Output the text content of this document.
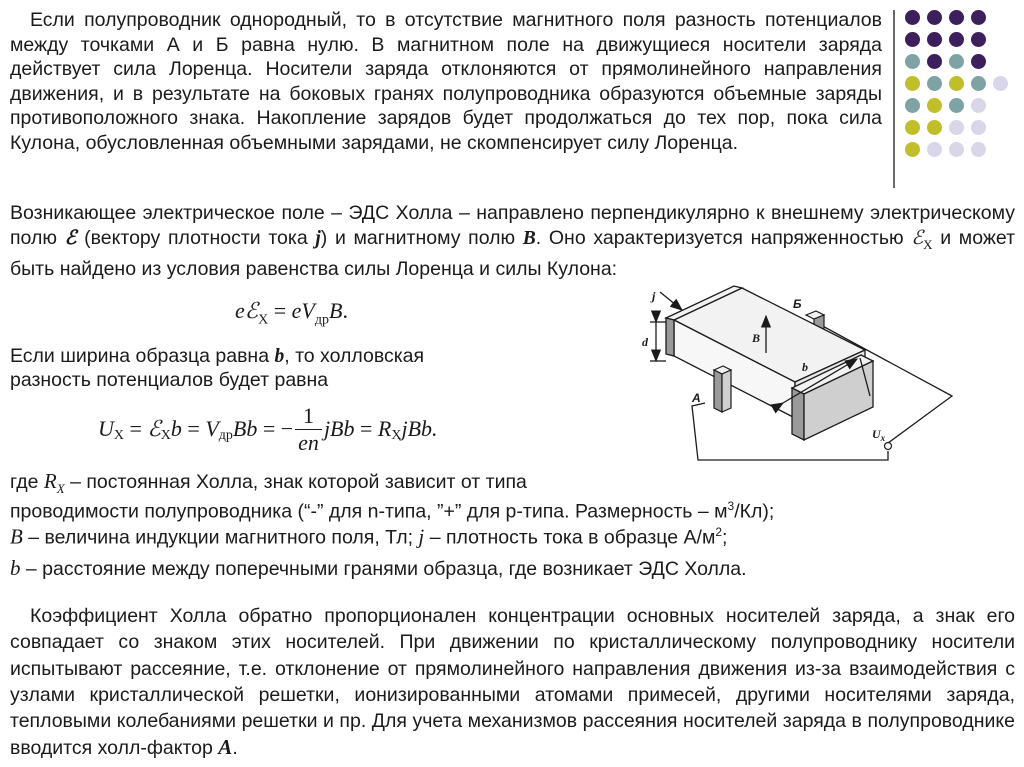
Если полупроводник однородный, то в отсутствие магнитного поля разность потенциалов между точками А и Б равна нулю. В магнитном поле на движущиеся носители заряда действует сила Лоренца. Носители заряда отклоняются от прямолинейного направления движения, и в результате на боковых гранях полупроводника образуются объемные заряды противоположного знака. Накопление зарядов будет продолжаться до тех пор, пока сила Кулона, обусловленная объемными зарядами, не скомпенсирует силу Лоренца.
Возникающее электрическое поле – ЭДС Холла – направлено перпендикулярно к внешнему электрическому полю ℰ (вектору плотности тока j) и магнитному полю B. Оно характеризуется напряженностью ℰ$_Х$ и может быть найдено из условия равенства силы Лоренца и силы Кулона:
eℰ$_Х$ = $eV_{др}B$.
Если ширина образца равна b, то холловская
разность потенциалов будет равна
$U_Х$ = ℰ$_Х$ $b = V_{др}$ Bb = − $\frac{1}{en}$ jBb = $R_Х$ jBb.
где $R_X$ – постоянная Холла, знак которой зависит от типа
проводимости полупроводника (“-” для n-типа, ”+” для p-типа. Размерность – $м^3/Кл$);
B – величина индукции магнитного поля, Тл; j – плотность тока в образце $А/м^2$;
b – расстояние между поперечными гранями образца, где возникает ЭДС Холла.
Коэффициент Холла обратно пропорционален концентрации основных носителей заряда, а знак его совпадает со знаком этих носителей. При движении по кристаллическому полупроводнику носители испытывают рассеяние, т.е. отклонение от прямолинейного направления движения из-за взаимодействия с узлами кристаллической решетки, ионизированными атомами примесей, другими носителями заряда, тепловыми колебаниями решетки и пр. Для учета механизмов рассеяния носителей заряда в полупроводнике вводится холл-фактор A.
j
d	B
b
$U_x$
Б
А
